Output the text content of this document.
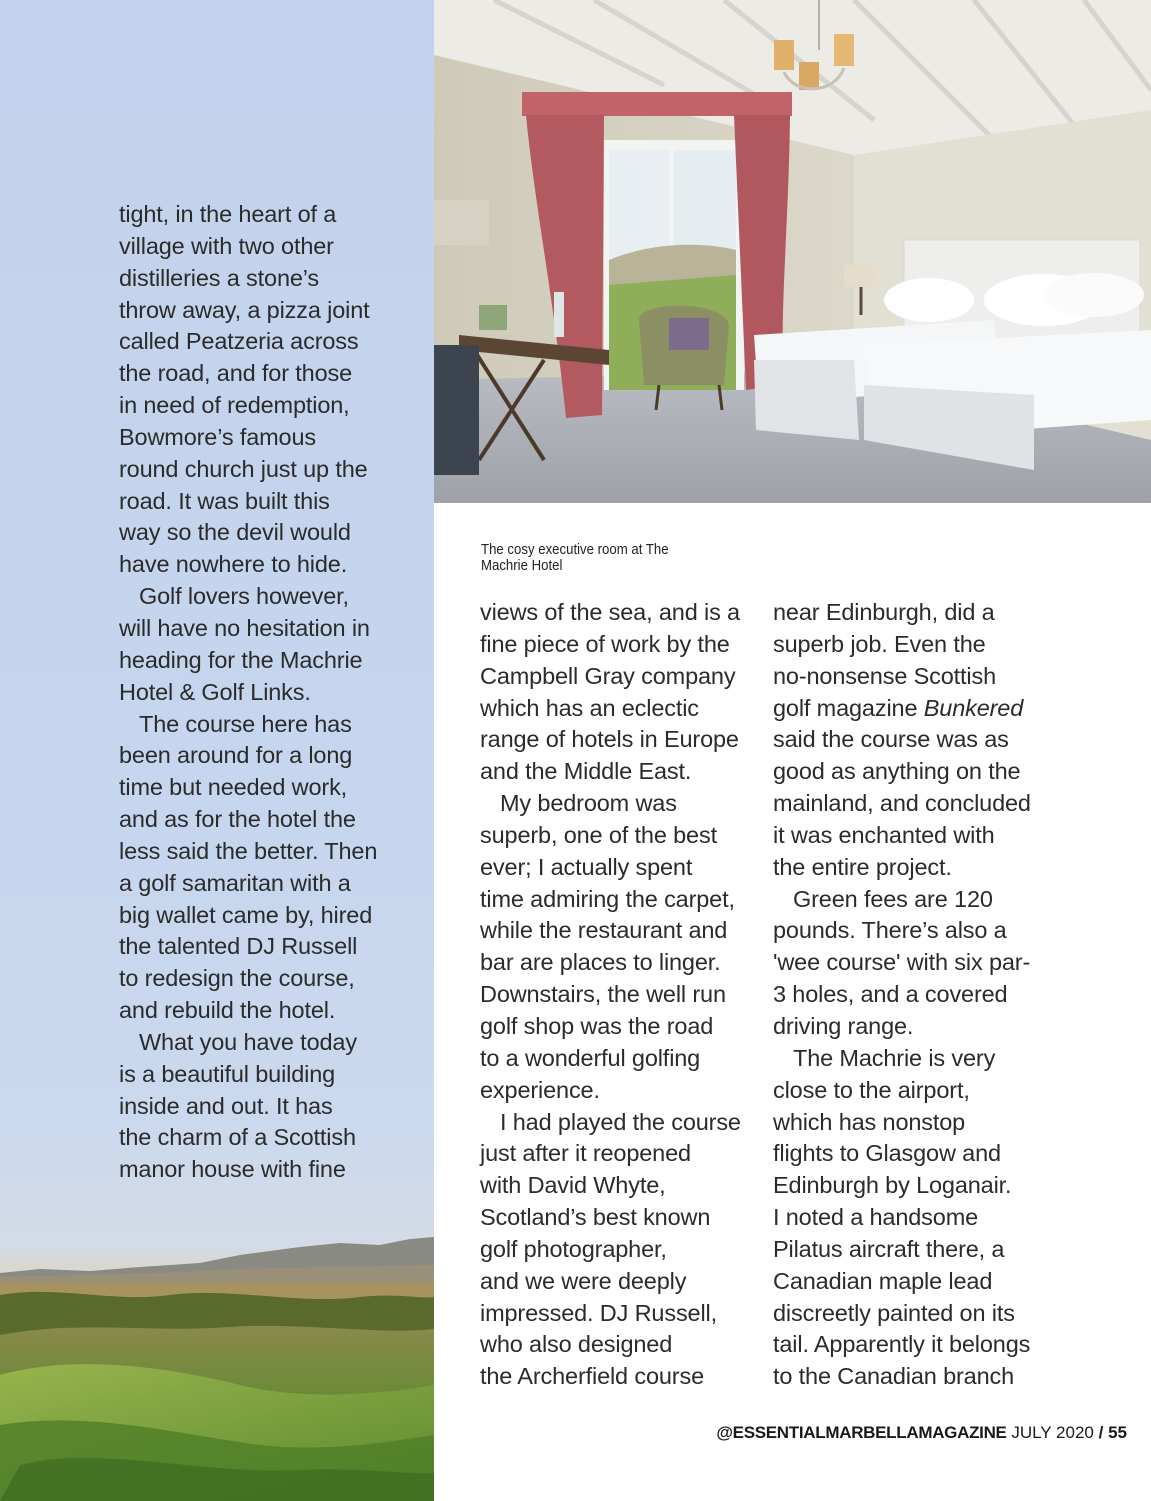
The cosy executive room at The
Machrie Hotel

tight, in the heart of a

village with two other

distilleries a stone’s

throw away, a pizza joint

called Peatzeria across

the road, and for those

in need of redemption,

Bowmore’s famous

round church just up the

road. It was built this

way so the devil would

have nowhere to hide.

Golf lovers however,

will have no hesitation in

heading for the Machrie

Hotel & Golf Links.

The course here has

been around for a long

time but needed work,

and as for the hotel the

less said the better. Then

a golf samaritan with a

big wallet came by, hired

the talented DJ Russell

to redesign the course,

and rebuild the hotel.

What you have today

is a beautiful building

inside and out. It has

the charm of a Scottish

manor house with fine

views of the sea, and is a

fine piece of work by the

Campbell Gray company

which has an eclectic

range of hotels in Europe

and the Middle East.

My bedroom was

superb, one of the best

ever; I actually spent

time admiring the carpet,

while the restaurant and

bar are places to linger.

Downstairs, the well run

golf shop was the road

to a wonderful golfing

experience.

I had played the course

just after it reopened

with David Whyte,

Scotland’s best known

golf photographer,

and we were deeply

impressed. DJ Russell,

who also designed

the Archerfield course

near Edinburgh, did a

superb job. Even the

no-nonsense Scottish

golf magazine Bunkered

said the course was as

good as anything on the

mainland, and concluded

it was enchanted with

the entire project.

Green fees are 120

pounds. There’s also a

'wee course' with six par-

3 holes, and a covered

driving range.

The Machrie is very

close to the airport,

which has nonstop

flights to Glasgow and

Edinburgh by Loganair.

I noted a handsome

Pilatus aircraft there, a

Canadian maple lead

discreetly painted on its

tail. Apparently it belongs

to the Canadian branch

@ESSENTIALMARBELLAMAGAZINE JULY 2020 / 55
